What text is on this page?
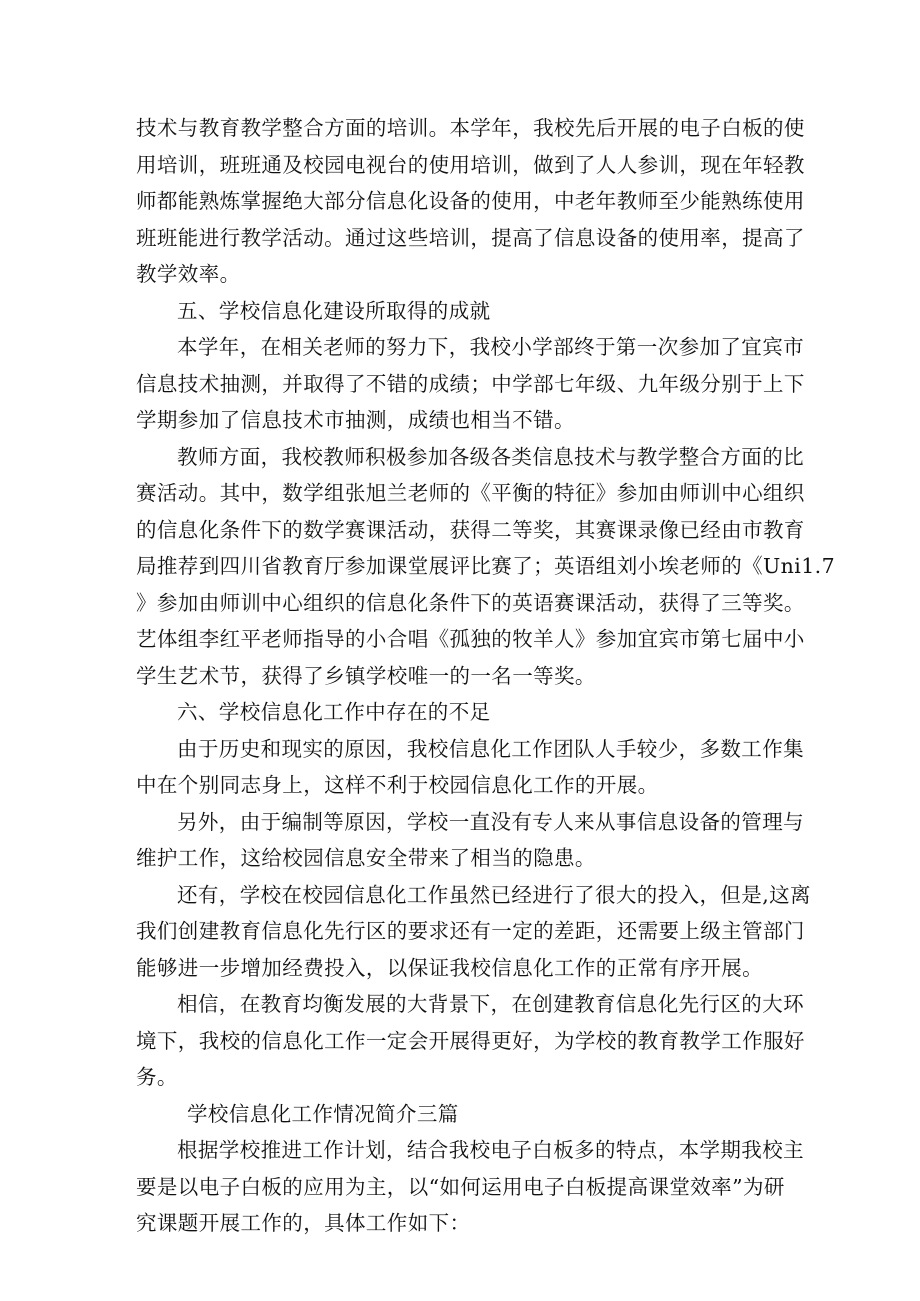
技术与教育教学整合方面的培训。本学年，我校先后开展的电子白板的使
用培训，班班通及校园电视台的使用培训，做到了人人参训，现在年轻教
师都能熟炼掌握绝大部分信息化设备的使用，中老年教师至少能熟练使用
班班能进行教学活动。通过这些培训，提高了信息设备的使用率，提高了
教学效率。
五、学校信息化建设所取得的成就
本学年，在相关老师的努力下，我校小学部终于第一次参加了宜宾市
信息技术抽测，并取得了不错的成绩；中学部七年级、九年级分别于上下
学期参加了信息技术市抽测，成绩也相当不错。
教师方面，我校教师积极参加各级各类信息技术与教学整合方面的比
赛活动。其中，数学组张旭兰老师的《平衡的特征》参加由师训中心组织
的信息化条件下的数学赛课活动，获得二等奖，其赛课录像已经由市教育
局推荐到四川省教育厅参加课堂展评比赛了；英语组刘小埃老师的《Uni1.7
》参加由师训中心组织的信息化条件下的英语赛课活动，获得了三等奖。
艺体组李红平老师指导的小合唱《孤独的牧羊人》参加宜宾市第七届中小
学生艺术节，获得了乡镇学校唯一的一名一等奖。
六、学校信息化工作中存在的不足
由于历史和现实的原因，我校信息化工作团队人手较少，多数工作集
中在个别同志身上，这样不利于校园信息化工作的开展。
另外，由于编制等原因，学校一直没有专人来从事信息设备的管理与
维护工作，这给校园信息安全带来了相当的隐患。
还有，学校在校园信息化工作虽然已经进行了很大的投入，但是,这离
我们创建教育信息化先行区的要求还有一定的差距，还需要上级主管部门
能够进一步增加经费投入，以保证我校信息化工作的正常有序开展。
相信，在教育均衡发展的大背景下，在创建教育信息化先行区的大环
境下，我校的信息化工作一定会开展得更好，为学校的教育教学工作服好
务。
学校信息化工作情况简介三篇
根据学校推进工作计划，结合我校电子白板多的特点，本学期我校主
要是以电子白板的应用为主，以“如何运用电子白板提高课堂效率”为研
究课题开展工作的，具体工作如下：
